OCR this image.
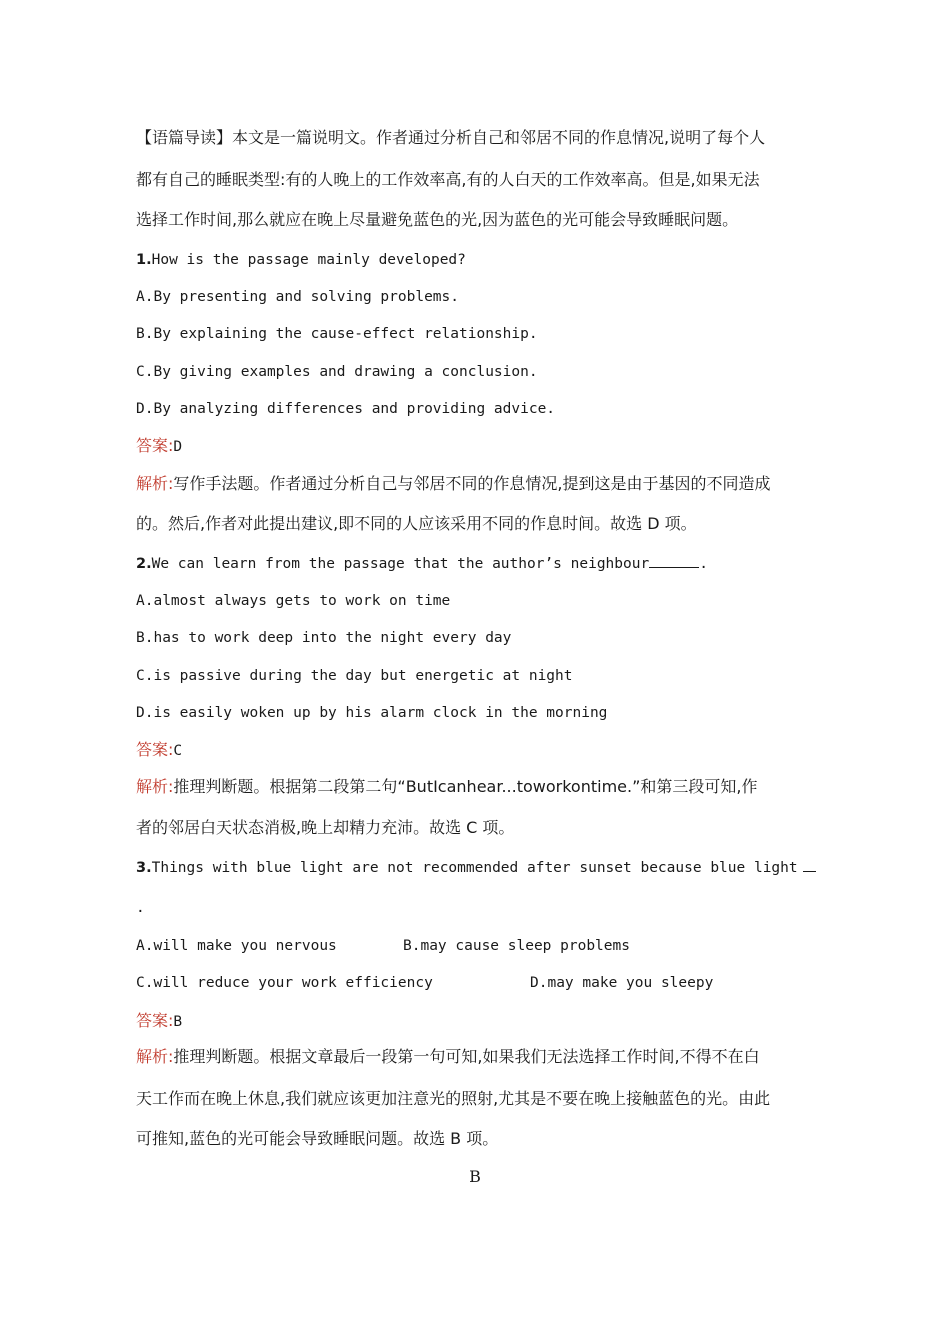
【语篇导读】本文是一篇说明文。作者通过分析自己和邻居不同的作息情况,说明了每个人
都有自己的睡眠类型:有的人晚上的工作效率高,有的人白天的工作效率高。但是,如果无法
选择工作时间,那么就应在晚上尽量避免蓝色的光,因为蓝色的光可能会导致睡眠问题。
1.How is the passage mainly developed?
A.By presenting and solving problems.
B.By explaining the cause-effect relationship.
C.By giving examples and drawing a conclusion.
D.By analyzing differences and providing advice.
答案:D
解析:写作手法题。作者通过分析自己与邻居不同的作息情况,提到这是由于基因的不同造成
的。然后,作者对此提出建议,即不同的人应该采用不同的作息时间。故选 D 项。
2.We can learn from the passage that the author’s neighbour	.
A.almost always gets to work on time
B.has to work deep into the night every day
C.is passive during the day but energetic at night
D.is easily woken up by his alarm clock in the morning
答案:C
解析:推理判断题。根据第二段第二句“ButIcanhear...toworkontime.”和第三段可知,作
者的邻居白天状态消极,晚上却精力充沛。故选 C 项。
3.Things with blue light are not recommended after sunset because blue light
.
A.will make you nervous	B.may cause sleep problems
C.will reduce your work efficiency	D.may make you sleepy
答案:B
解析:推理判断题。根据文章最后一段第一句可知,如果我们无法选择工作时间,不得不在白
天工作而在晚上休息,我们就应该更加注意光的照射,尤其是不要在晚上接触蓝色的光。由此
可推知,蓝色的光可能会导致睡眠问题。故选 B 项。
B
